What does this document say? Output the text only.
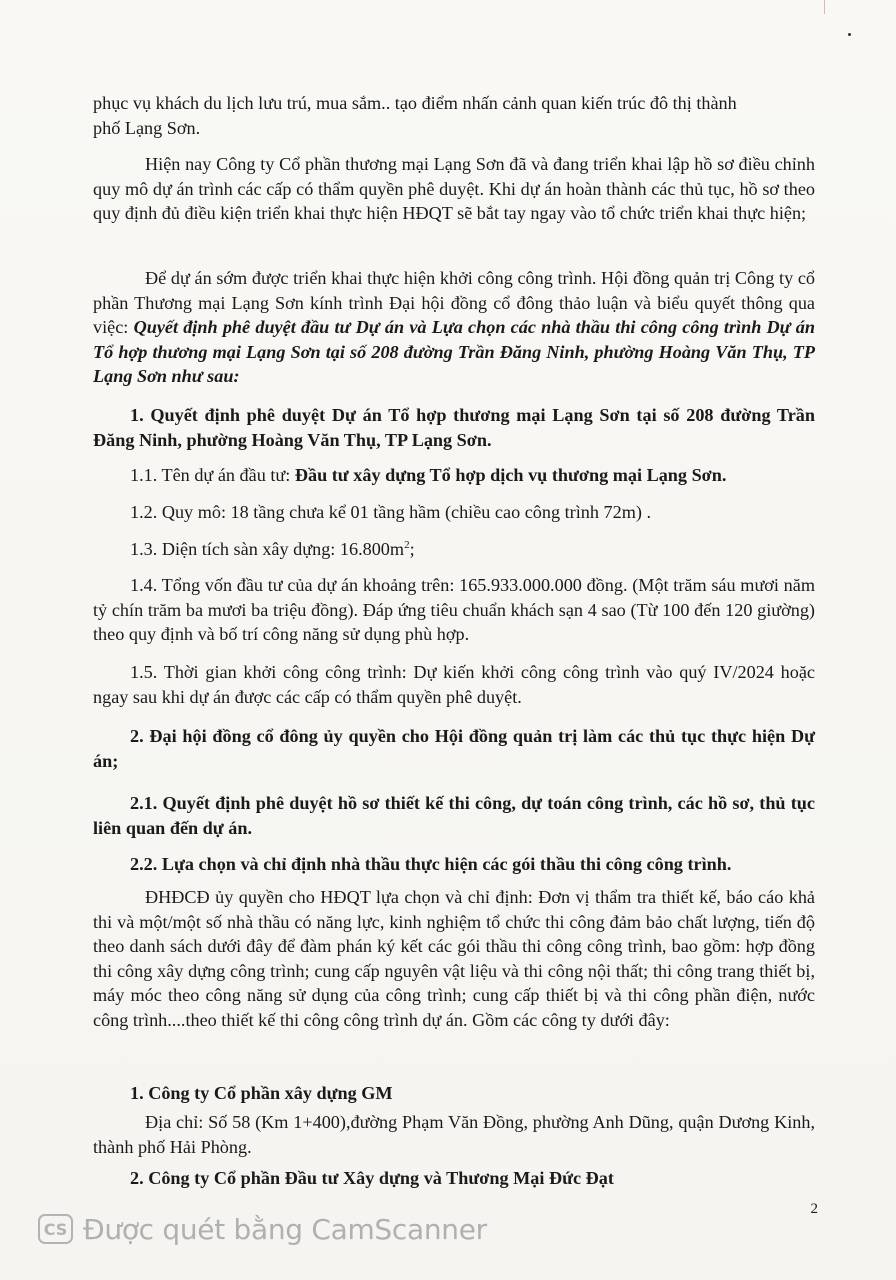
phục vụ khách du lịch lưu trú, mua sắm.. tạo điểm nhấn cảnh quan kiến trúc đô thị thành
phố Lạng Sơn.

Hiện nay Công ty Cổ phần thương mại Lạng Sơn đã và đang triển khai lập hồ sơ điều chỉnh quy mô dự án trình các cấp có thẩm quyền phê duyệt. Khi dự án hoàn thành các thủ tục, hồ sơ theo quy định đủ điều kiện triển khai thực hiện HĐQT sẽ bắt tay ngay vào tổ chức triển khai thực hiện;

Để dự án sớm được triển khai thực hiện khởi công công trình. Hội đồng quản trị Công ty cổ phần Thương mại Lạng Sơn kính trình Đại hội đồng cổ đông thảo luận và biểu quyết thông qua việc: Quyết định phê duyệt đầu tư Dự án và Lựa chọn các nhà thầu thi công công trình Dự án Tổ hợp thương mại Lạng Sơn tại số 208 đường Trần Đăng Ninh, phường Hoàng Văn Thụ, TP Lạng Sơn như sau:

1. Quyết định phê duyệt Dự án Tổ hợp thương mại Lạng Sơn tại số 208 đường Trần Đăng Ninh, phường Hoàng Văn Thụ, TP Lạng Sơn.

1.1. Tên dự án đầu tư: Đầu tư xây dựng Tổ hợp dịch vụ thương mại Lạng Sơn.

1.2. Quy mô: 18 tầng chưa kể 01 tầng hầm (chiều cao công trình 72m) .

1.3. Diện tích sàn xây dựng: $16.800m^2$;

1.4. Tổng vốn đầu tư của dự án khoảng trên: 165.933.000.000 đồng. (Một trăm sáu mươi năm tỷ chín trăm ba mươi ba triệu đồng). Đáp ứng tiêu chuẩn khách sạn 4 sao (Từ 100 đến 120 giường) theo quy định và bố trí công năng sử dụng phù hợp.

1.5. Thời gian khởi công công trình: Dự kiến khởi công công trình vào quý IV/2024 hoặc ngay sau khi dự án được các cấp có thẩm quyền phê duyệt.

2. Đại hội đồng cổ đông ủy quyền cho Hội đồng quản trị làm các thủ tục thực hiện Dự án;

2.1. Quyết định phê duyệt hồ sơ thiết kế thi công, dự toán công trình, các hồ sơ, thủ tục liên quan đến dự án.

2.2. Lựa chọn và chỉ định nhà thầu thực hiện các gói thầu thi công công trình.

ĐHĐCĐ ủy quyền cho HĐQT lựa chọn và chỉ định: Đơn vị thẩm tra thiết kế, báo cáo khả thi và một/một số nhà thầu có năng lực, kinh nghiệm tổ chức thi công đảm bảo chất lượng, tiến độ theo danh sách dưới đây để đàm phán ký kết các gói thầu thi công công trình, bao gồm: hợp đồng thi công xây dựng công trình; cung cấp nguyên vật liệu và thi công nội thất; thi công trang thiết bị, máy móc theo công năng sử dụng của công trình; cung cấp thiết bị và thi công phần điện, nước công trình....theo thiết kế thi công công trình dự án. Gồm các công ty dưới đây:

1. Công ty Cổ phần xây dựng GM

Địa chỉ: Số 58 (Km 1+400),đường Phạm Văn Đồng, phường Anh Dũng, quận Dương Kinh, thành phố Hải Phòng.

2. Công ty Cổ phần Đầu tư Xây dựng và Thương Mại Đức Đạt

2
CS Được quét bằng CamScanner
